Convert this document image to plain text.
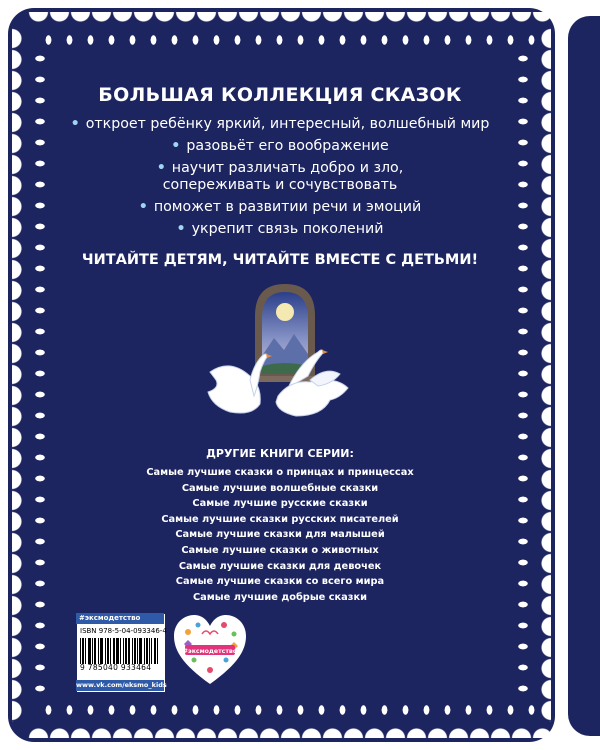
БОЛЬШАЯ КОЛЛЕКЦИЯ СКАЗОК
• откроет ребёнку яркий, интересный, волшебный мир
• разовьёт его воображение
• научит различать добро и зло,
сопереживать и сочувствовать
• поможет в развитии речи и эмоций
• укрепит связь поколений
ЧИТАЙТЕ ДЕТЯМ, ЧИТАЙТЕ ВМЕСТЕ С ДЕТЬМИ!
ДРУГИЕ КНИГИ СЕРИИ:
Самые лучшие сказки о принцах и принцессах
Самые лучшие волшебные сказки
Самые лучшие русские сказки
Самые лучшие сказки русских писателей
Самые лучшие сказки для малышей
Самые лучшие сказки о животных
Самые лучшие сказки для девочек
Самые лучшие сказки со всего мира
Самые лучшие добрые сказки
#эксмодетство
ISBN 978-5-04-093346-4
9 785040 933464
www.vk.com/eksmo_kids
#эксмодетство
